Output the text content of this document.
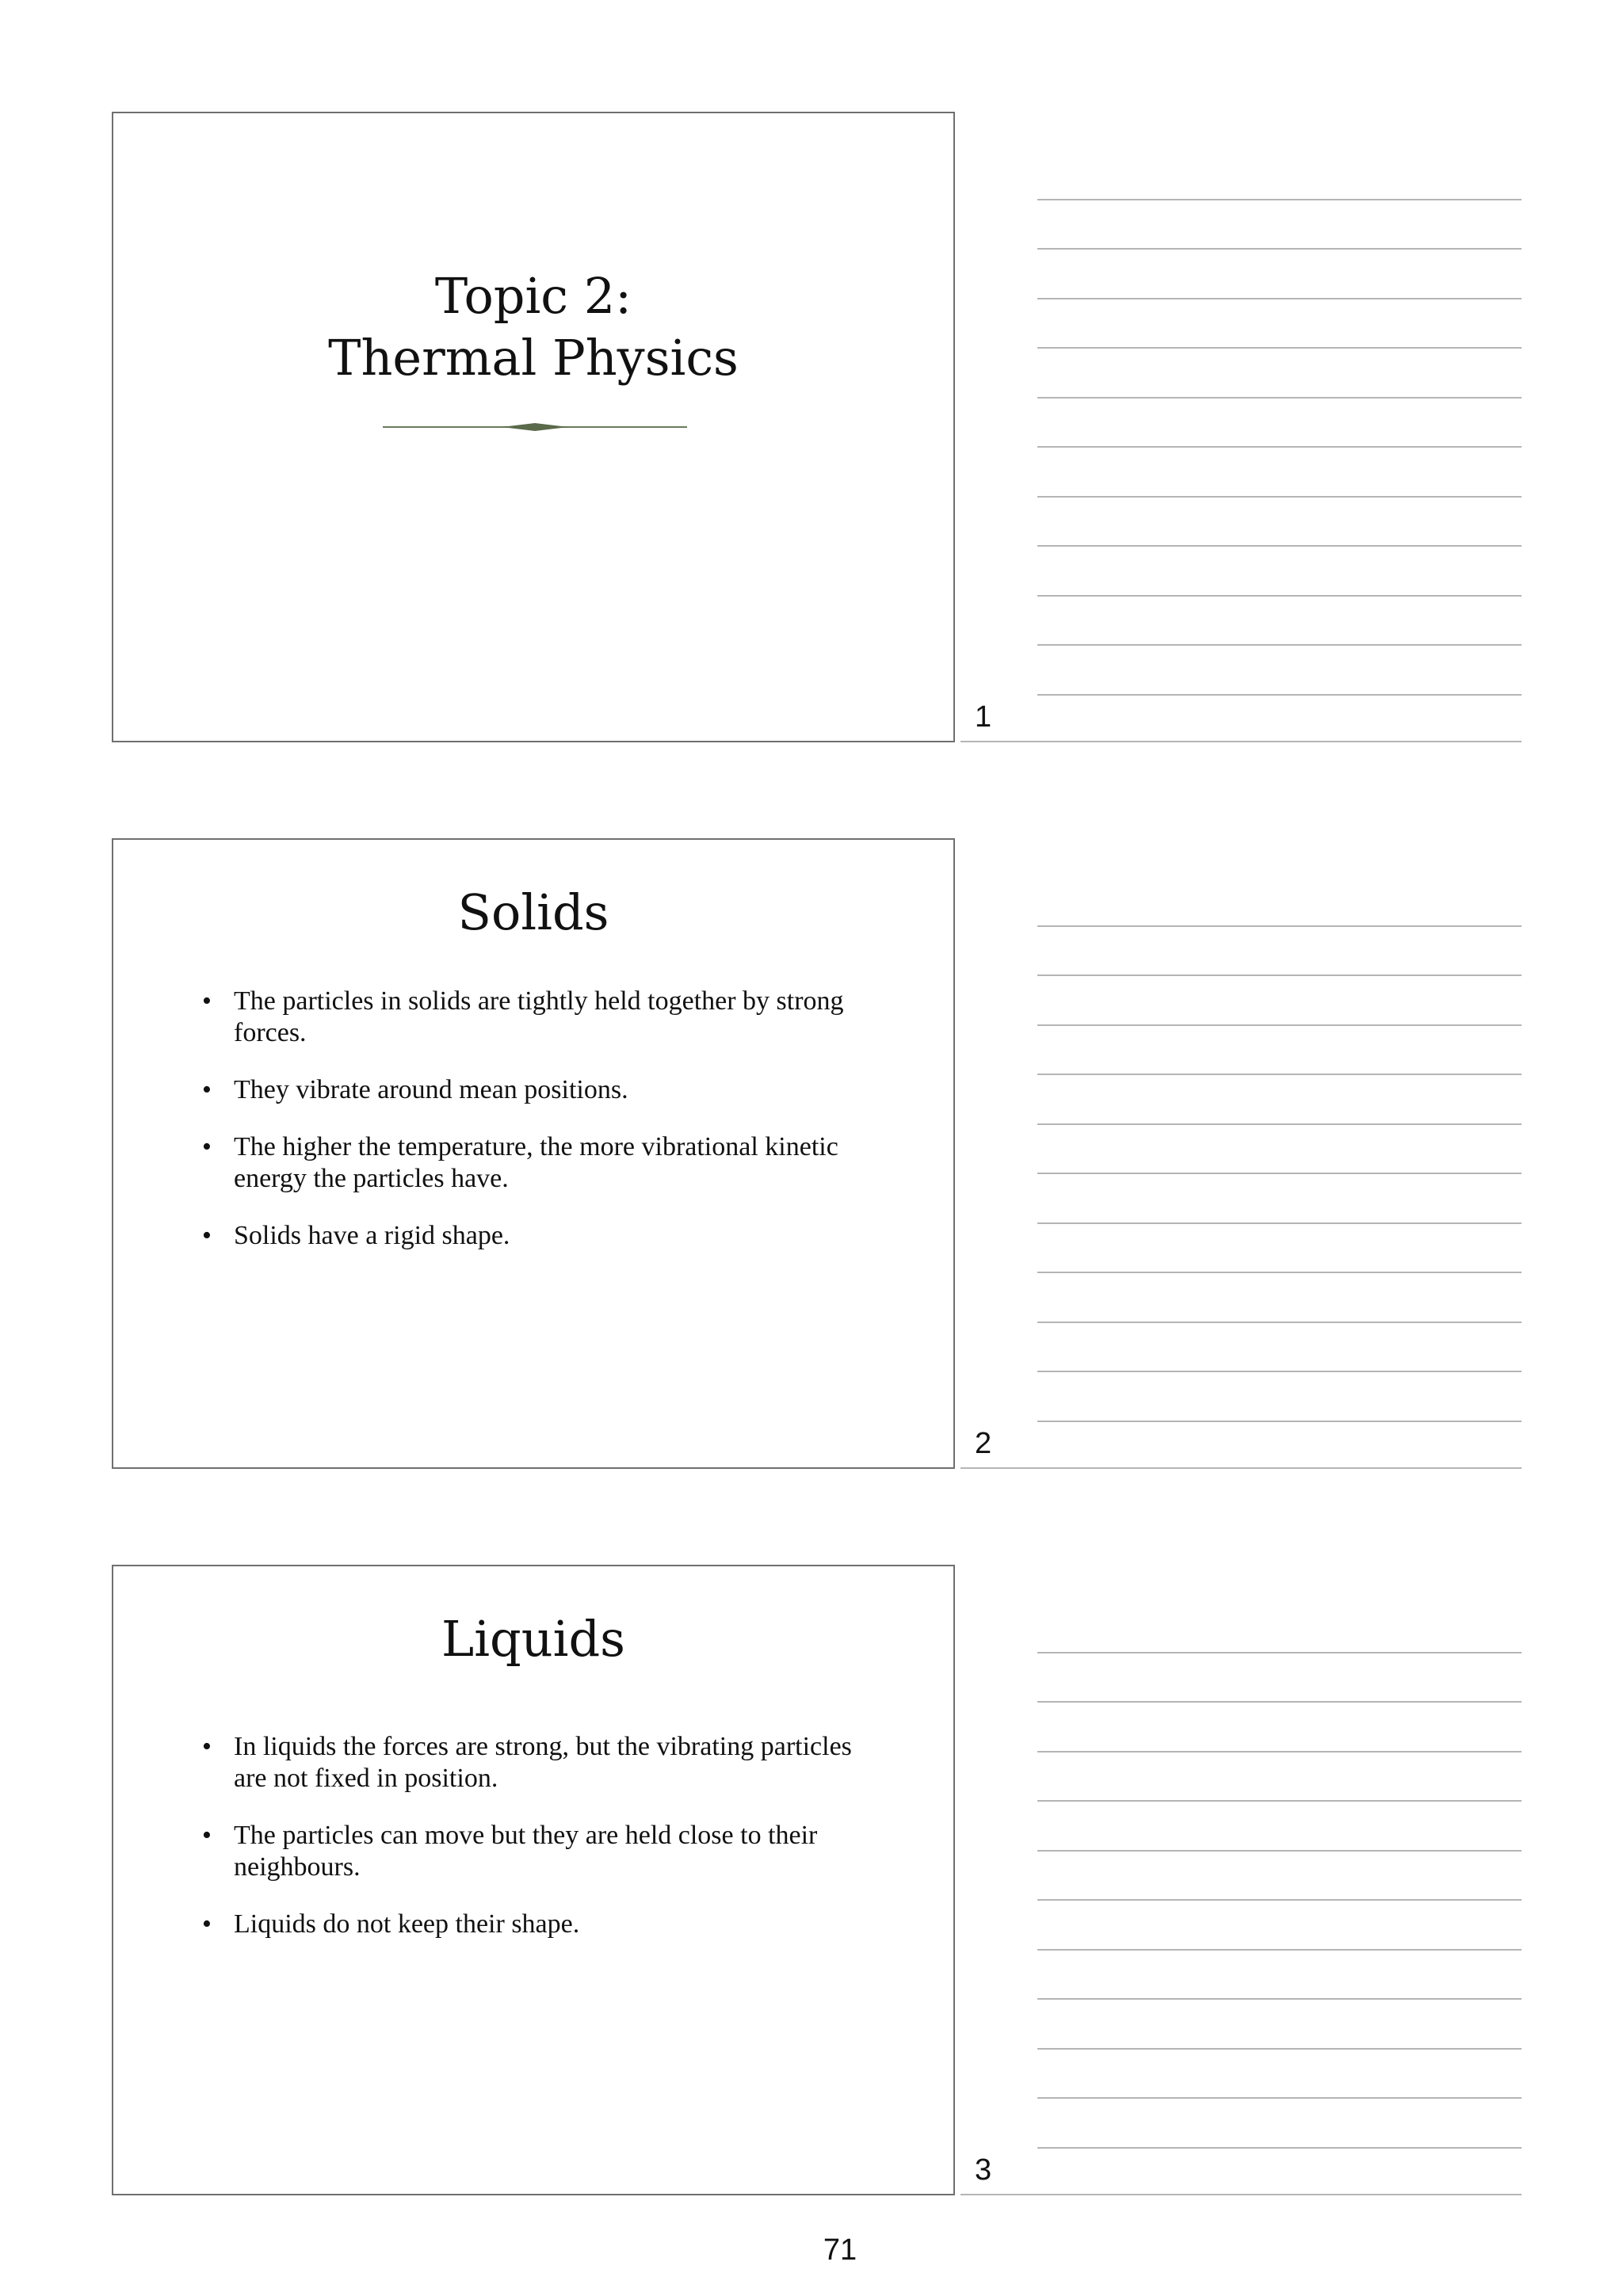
Topic 2:
Thermal Physics
1
Solids
• The particles in solids are tightly held together by strong forces.
• They vibrate around mean positions.
• The higher the temperature, the more vibrational kinetic energy the particles have.
• Solids have a rigid shape.
2
Liquids
• In liquids the forces are strong, but the vibrating particles are not fixed in position.
• The particles can move but they are held close to their neighbours.
• Liquids do not keep their shape.
3
71
